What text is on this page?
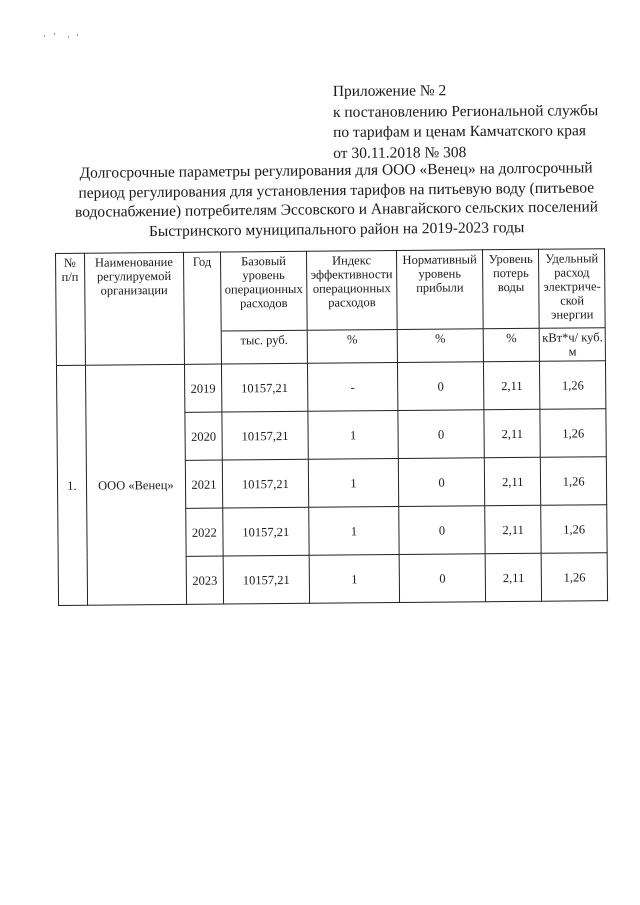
Приложение № 2
к постановлению Региональной службы
по тарифам и ценам Камчатского края
от 30.11.2018 № 308
Долгосрочные параметры регулирования для ООО «Венец» на долгосрочный
период регулирования для установления тарифов на питьевую воду (питьевое
водоснабжение) потребителям Эссовского и Анавгайского сельских поселений
Быстринского муниципального район на 2019-2023 годы
№ п/п	Наименование регулируемой организации	Год	Базовый уровень операционных расходов	Индекс эффективности операционных расходов	Нормативный уровень прибыли	Уровень потерь воды	Удельный расход электриче-ской энергии
			тыс. руб.	%	%	%	кВт*ч/ куб. м
1.	ООО «Венец»	2019	10157,21	-	0	2,11	1,26
		2020	10157,21	1	0	2,11	1,26
		2021	10157,21	1	0	2,11	1,26
		2022	10157,21	1	0	2,11	1,26
		2023	10157,21	1	0	2,11	1,26
